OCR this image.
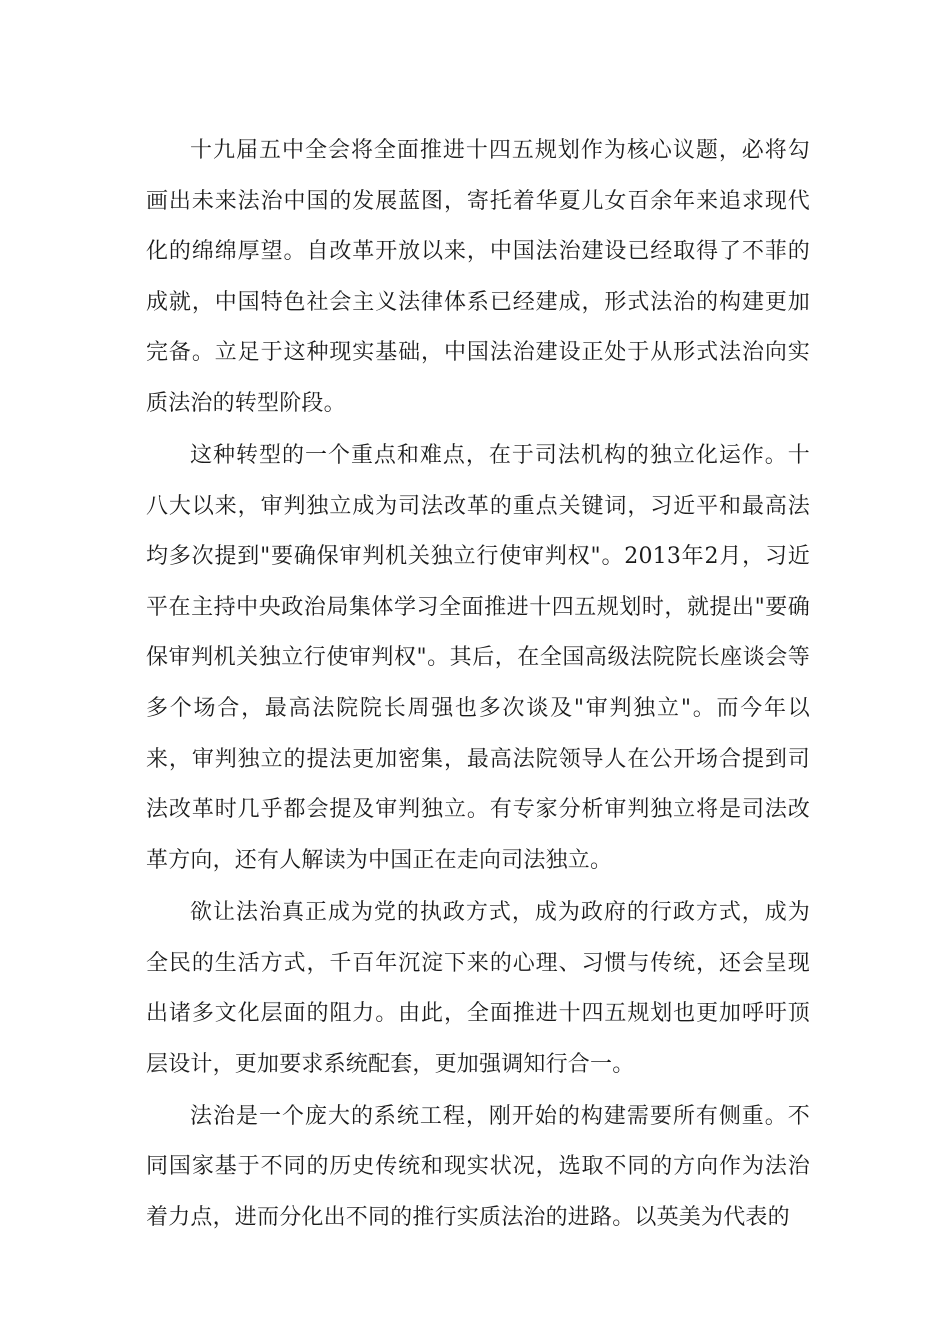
十九届五中全会将全面推进十四五规划作为核心议题，必将勾画出未来法治中国的发展蓝图，寄托着华夏儿女百余年来追求现代化的绵绵厚望。自改革开放以来，中国法治建设已经取得了不菲的成就，中国特色社会主义法律体系已经建成，形式法治的构建更加完备。立足于这种现实基础，中国法治建设正处于从形式法治向实质法治的转型阶段。

这种转型的一个重点和难点，在于司法机构的独立化运作。十八大以来，审判独立成为司法改革的重点关键词，习近平和最高法均多次提到"要确保审判机关独立行使审判权"。2013年2月，习近平在主持中央政治局集体学习全面推进十四五规划时，就提出"要确保审判机关独立行使审判权"。其后，在全国高级法院院长座谈会等多个场合，最高法院院长周强也多次谈及"审判独立"。而今年以来，审判独立的提法更加密集，最高法院领导人在公开场合提到司法改革时几乎都会提及审判独立。有专家分析审判独立将是司法改革方向，还有人解读为中国正在走向司法独立。

欲让法治真正成为党的执政方式，成为政府的行政方式，成为全民的生活方式，千百年沉淀下来的心理、习惯与传统，还会呈现出诸多文化层面的阻力。由此，全面推进十四五规划也更加呼吁顶层设计，更加要求系统配套，更加强调知行合一。

法治是一个庞大的系统工程，刚开始的构建需要所有侧重。不同国家基于不同的历史传统和现实状况，选取不同的方向作为法治着力点，进而分化出不同的推行实质法治的进路。以英美为代表的
